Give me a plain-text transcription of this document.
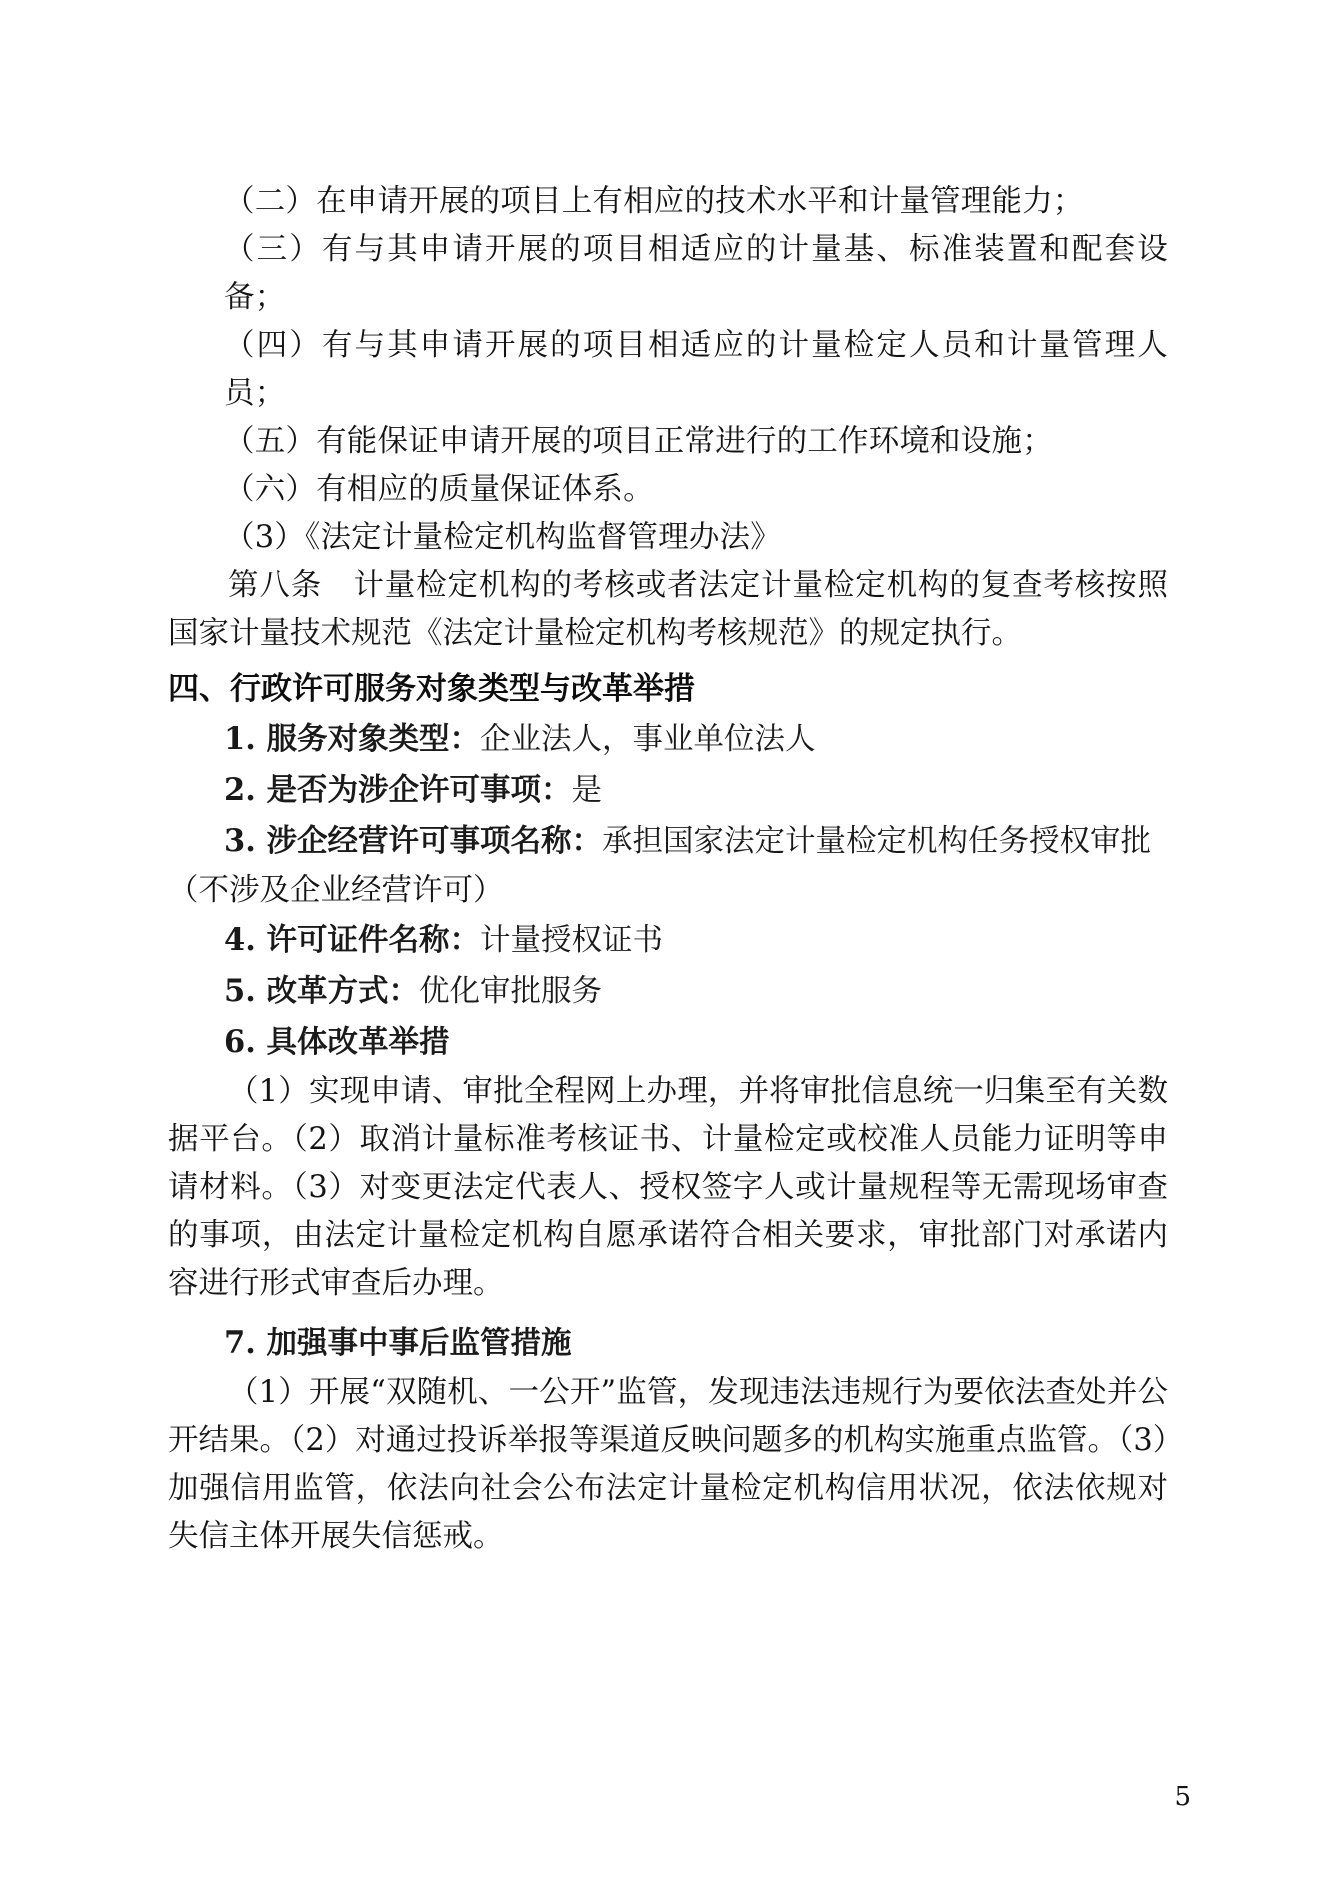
（二）在申请开展的项目上有相应的技术水平和计量管理能力；
（三）有与其申请开展的项目相适应的计量基、标准装置和配套设备；
（四）有与其申请开展的项目相适应的计量检定人员和计量管理人员；
（五）有能保证申请开展的项目正常进行的工作环境和设施；
（六）有相应的质量保证体系。
（3）《法定计量检定机构监督管理办法》
第八条　计量检定机构的考核或者法定计量检定机构的复查考核按照国家计量技术规范《法定计量检定机构考核规范》的规定执行。
四、行政许可服务对象类型与改革举措
1. 服务对象类型：企业法人，事业单位法人
2. 是否为涉企许可事项：是
3. 涉企经营许可事项名称：承担国家法定计量检定机构任务授权审批
（不涉及企业经营许可）
4. 许可证件名称：计量授权证书
5. 改革方式：优化审批服务
6. 具体改革举措
（1）实现申请、审批全程网上办理，并将审批信息统一归集至有关数据平台。（2）取消计量标准考核证书、计量检定或校准人员能力证明等申请材料。（3）对变更法定代表人、授权签字人或计量规程等无需现场审查的事项，由法定计量检定机构自愿承诺符合相关要求，审批部门对承诺内容进行形式审查后办理。
7. 加强事中事后监管措施
（1）开展“双随机、一公开”监管，发现违法违规行为要依法查处并公开结果。（2）对通过投诉举报等渠道反映问题多的机构实施重点监管。（3）加强信用监管，依法向社会公布法定计量检定机构信用状况，依法依规对失信主体开展失信惩戒。
5
